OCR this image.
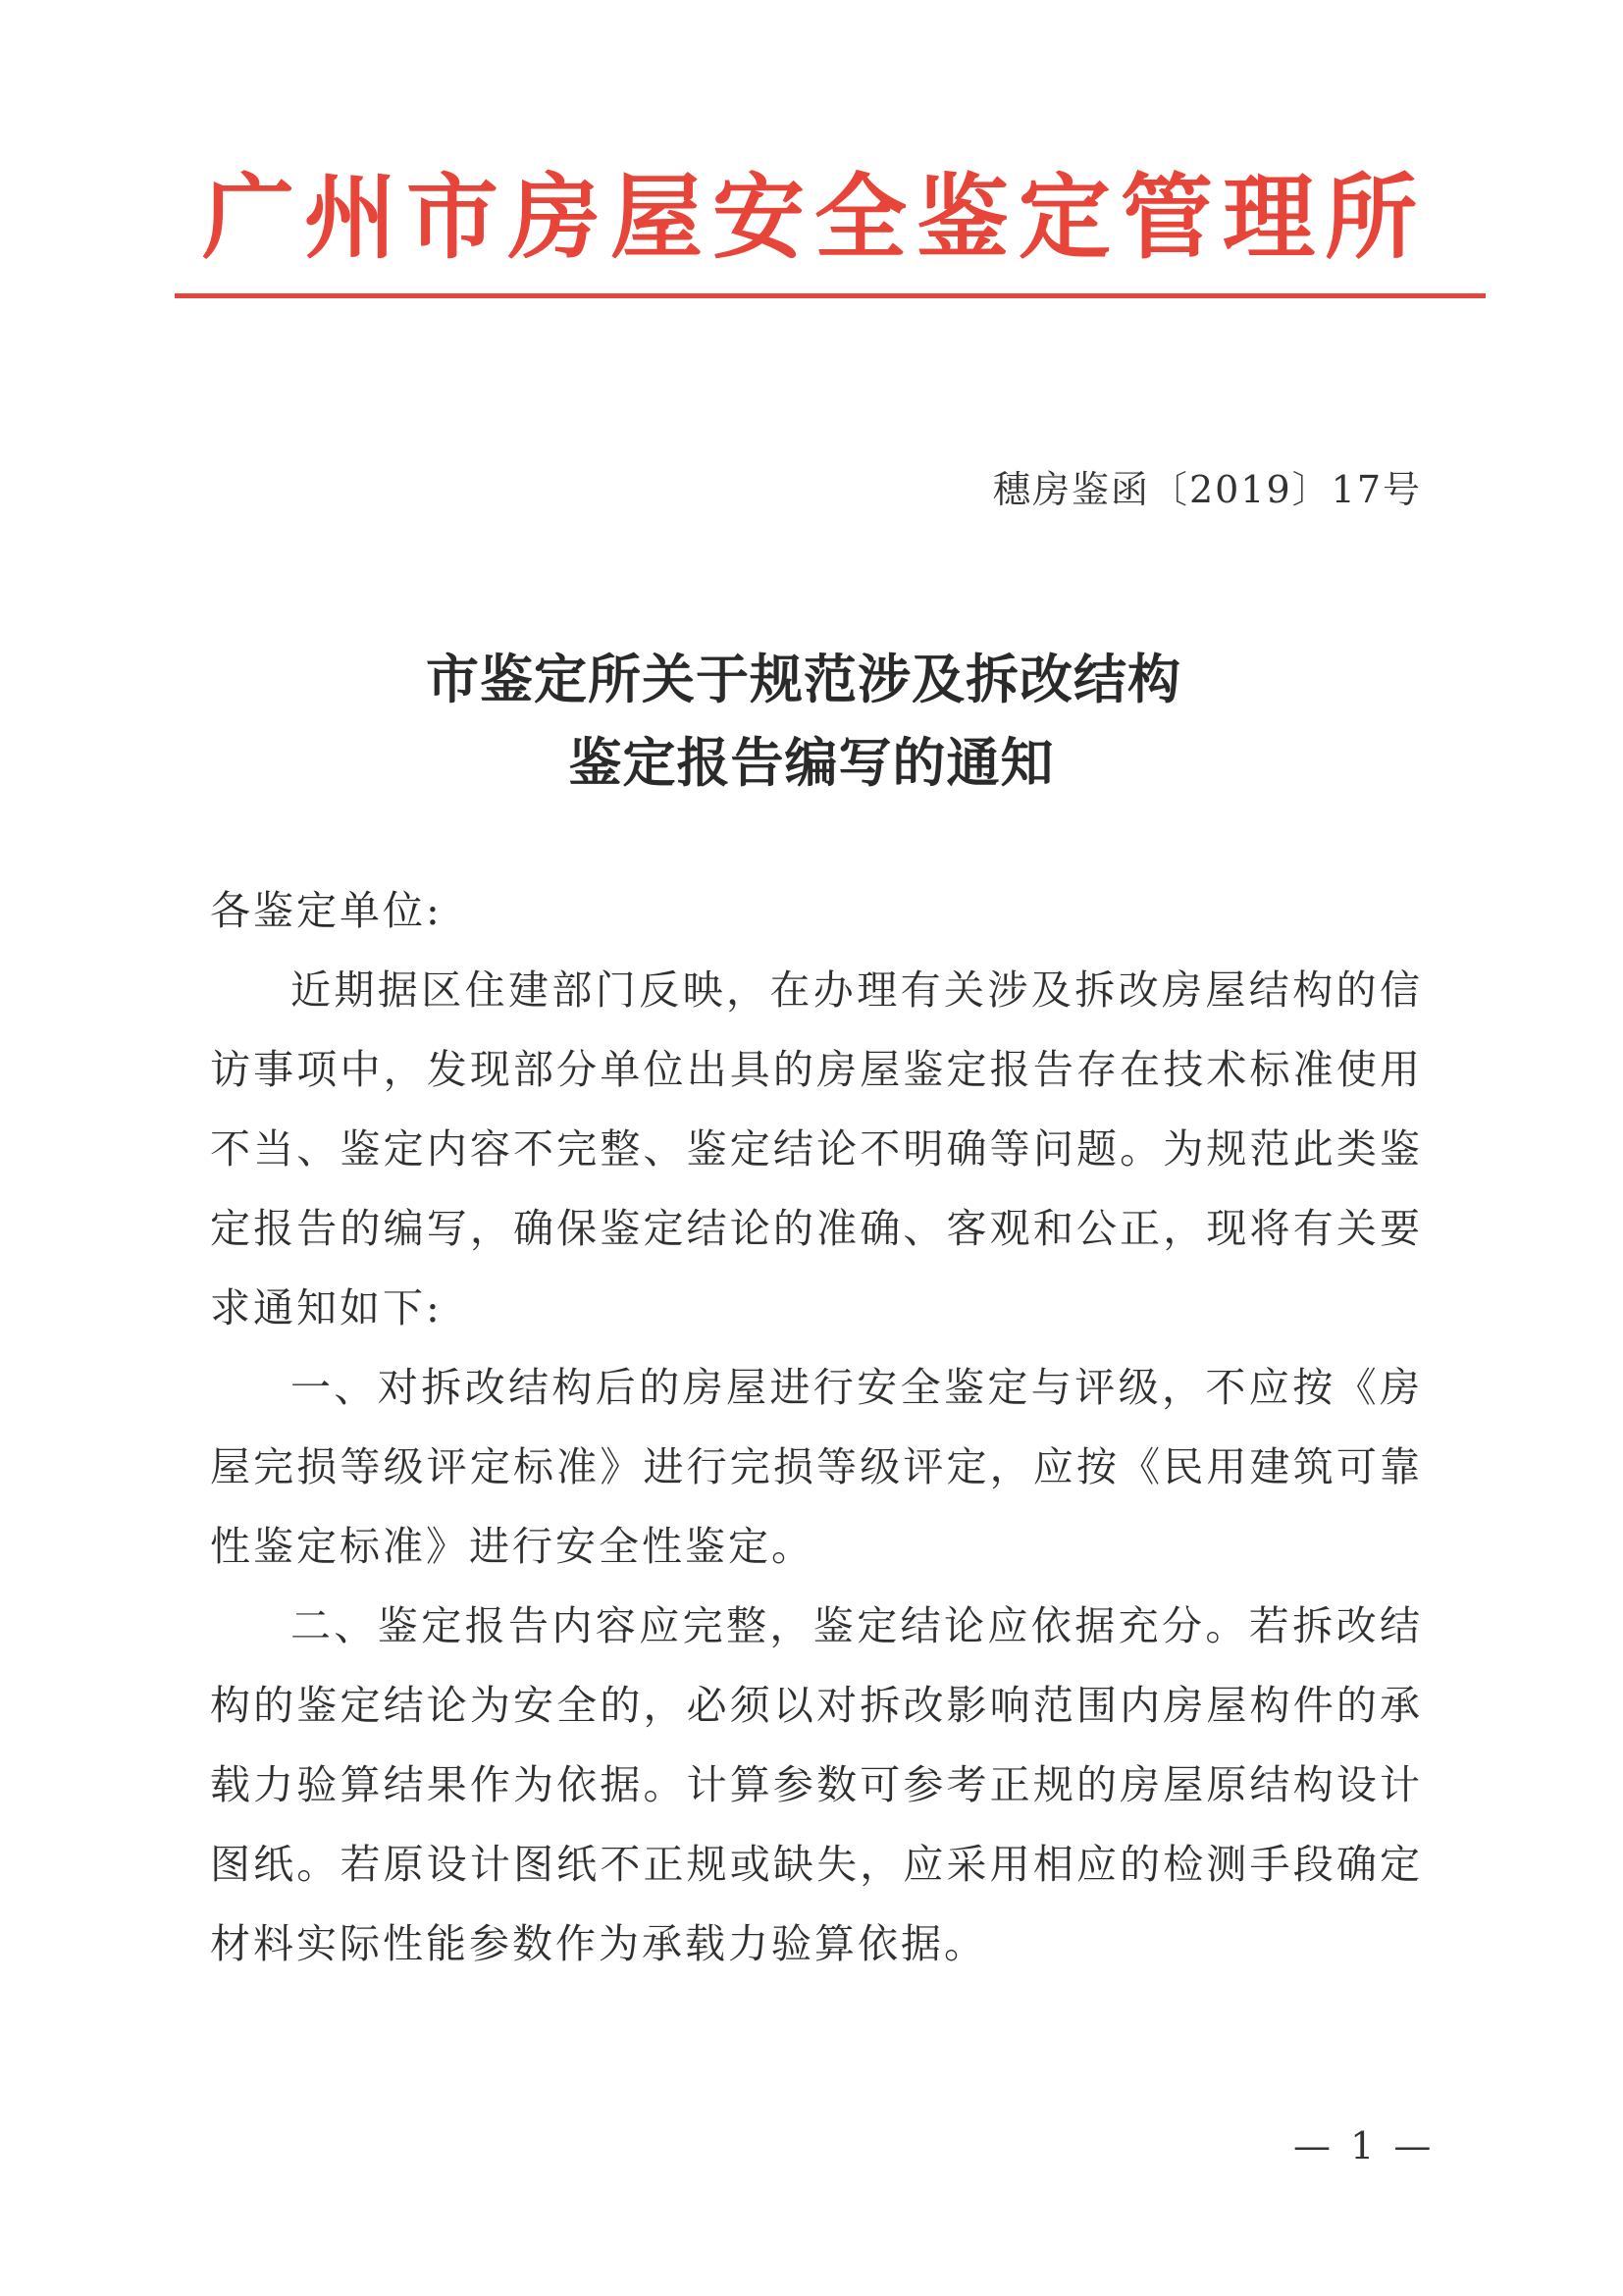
广州市房屋安全鉴定管理所
穗房鉴函〔2019〕17号
市鉴定所关于规范涉及拆改结构
鉴定报告编写的通知
各鉴定单位:

近期据区住建部门反映，在办理有关涉及拆改房屋结构的信访事项中，发现部分单位出具的房屋鉴定报告存在技术标准使用不当、鉴定内容不完整、鉴定结论不明确等问题。为规范此类鉴定报告的编写，确保鉴定结论的准确、客观和公正，现将有关要求通知如下:

一、对拆改结构后的房屋进行安全鉴定与评级，不应按《房屋完损等级评定标准》进行完损等级评定，应按《民用建筑可靠性鉴定标准》进行安全性鉴定。

二、鉴定报告内容应完整，鉴定结论应依据充分。若拆改结构的鉴定结论为安全的，必须以对拆改影响范围内房屋构件的承载力验算结果作为依据。计算参数可参考正规的房屋原结构设计图纸。若原设计图纸不正规或缺失，应采用相应的检测手段确定材料实际性能参数作为承载力验算依据。

— 1 —
